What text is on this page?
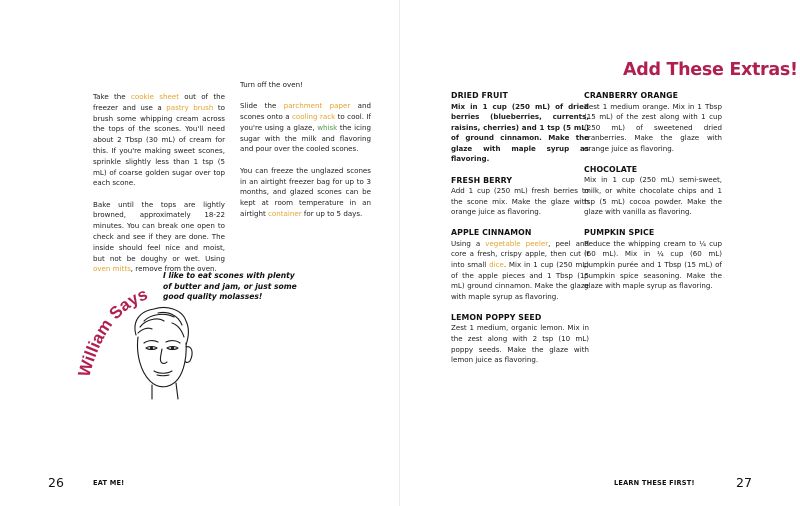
Take the cookie sheet out of the freezer and use a pastry brush to brush some whipping cream across the tops of the scones. You'll need about 2 Tbsp (30 mL) of cream for this. If you're making sweet scones, sprinkle slightly less than 1 tsp (5 mL) of coarse golden sugar over top each scone.

Bake until the tops are lightly browned, approximately 18-22 minutes. You can break one open to check and see if they are done. The inside should feel nice and moist, but not be doughy or wet. Using oven mitts, remove from the oven.

Turn off the oven!

Slide the parchment paper and scones onto a cooling rack to cool. If you're using a glaze, whisk the icing sugar with the milk and flavoring and pour over the cooled scones.

You can freeze the unglazed scones in an airtight freezer bag for up to 3 months, and glazed scones can be kept at room temperature in an airtight container for up to 5 days.

William Says
I like to eat scones with plenty of butter and jam, or just some good quality molasses!
26	EAT ME!
Add These Extras!
DRIED FRUIT
Mix in 1 cup (250 mL) of dried berries (blueberries, currents, raisins, cherries) and 1 tsp (5 mL) of ground cinnamon. Make the glaze with maple syrup as flavoring.
FRESH BERRY
Add 1 cup (250 mL) fresh berries to the scone mix. Make the glaze with orange juice as flavoring.
APPLE CINNAMON
Using a vegetable peeler, peel and core a fresh, crispy apple, then cut it into small dice. Mix in 1 cup (250 mL) of the apple pieces and 1 Tbsp (15 mL) ground cinnamon. Make the glaze with maple syrup as flavoring.
LEMON POPPY SEED
Zest 1 medium, organic lemon. Mix in the zest along with 2 tsp (10 mL) poppy seeds. Make the glaze with lemon juice as flavoring.
CRANBERRY ORANGE
Zest 1 medium orange. Mix in 1 Tbsp (15 mL) of the zest along with 1 cup (250 mL) of sweetened dried cranberries. Make the glaze with orange juice as flavoring.
CHOCOLATE
Mix in 1 cup (250 mL) semi-sweet, milk, or white chocolate chips and 1 tsp (5 mL) cocoa powder. Make the glaze with vanilla as flavoring.
PUMPKIN SPICE
Reduce the whipping cream to ¼ cup (60 mL). Mix in ¼ cup (60 mL) pumpkin purée and 1 Tbsp (15 mL) of pumpkin spice seasoning. Make the glaze with maple syrup as flavoring.
LEARN THESE FIRST!	27
